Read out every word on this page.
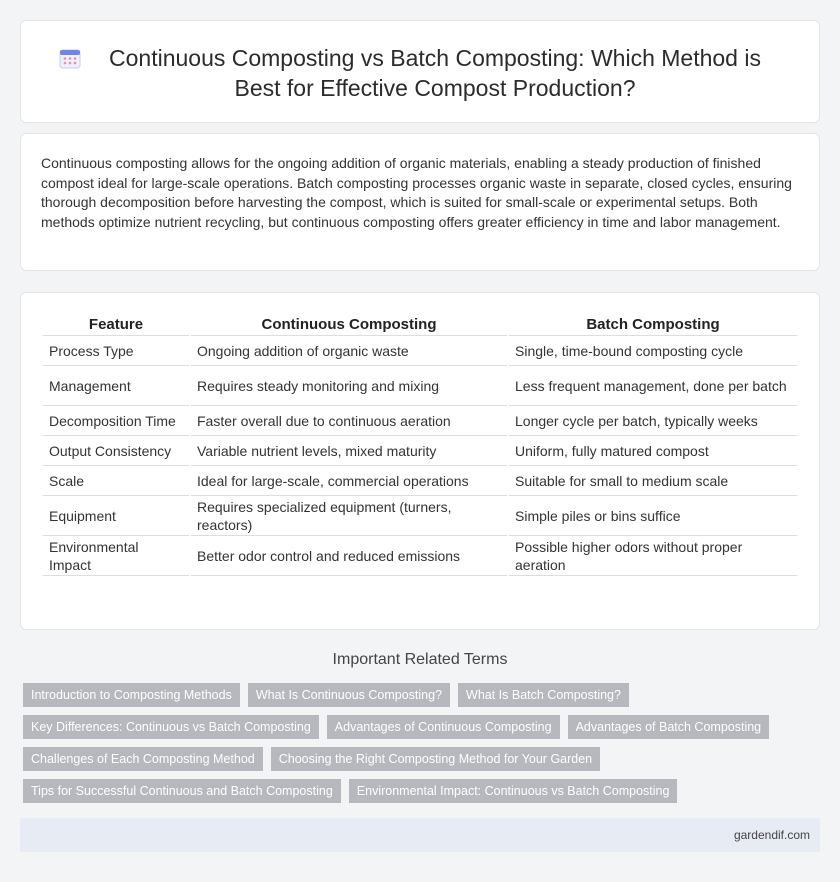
Continuous Composting vs Batch Composting: Which Method is
Best for Effective Compost Production?

Continuous composting allows for the ongoing addition of organic materials, enabling a steady production of finished compost ideal for large-scale operations. Batch composting processes organic waste in separate, closed cycles, ensuring thorough decomposition before harvesting the compost, which is suited for small-scale or experimental setups. Both methods optimize nutrient recycling, but continuous composting offers greater efficiency in time and labor management.

Feature	Continuous Composting	Batch Composting
Process Type	Ongoing addition of organic waste	Single, time-bound composting cycle
Management	Requires steady monitoring and mixing	Less frequent management, done per batch
Decomposition Time	Faster overall due to continuous aeration	Longer cycle per batch, typically weeks
Output Consistency	Variable nutrient levels, mixed maturity	Uniform, fully matured compost
Scale	Ideal for large-scale, commercial operations	Suitable for small to medium scale
Equipment	Requires specialized equipment (turners, reactors)	Simple piles or bins suffice
Environmental Impact	Better odor control and reduced emissions	Possible higher odors without proper aeration
Important Related Terms
Introduction to Composting Methods	What Is Continuous Composting?	What Is Batch Composting?
Key Differences: Continuous vs Batch Composting	Advantages of Continuous Composting	Advantages of Batch Composting
Challenges of Each Composting Method	Choosing the Right Composting Method for Your Garden
Tips for Successful Continuous and Batch Composting	Environmental Impact: Continuous vs Batch Composting
gardendif.com
